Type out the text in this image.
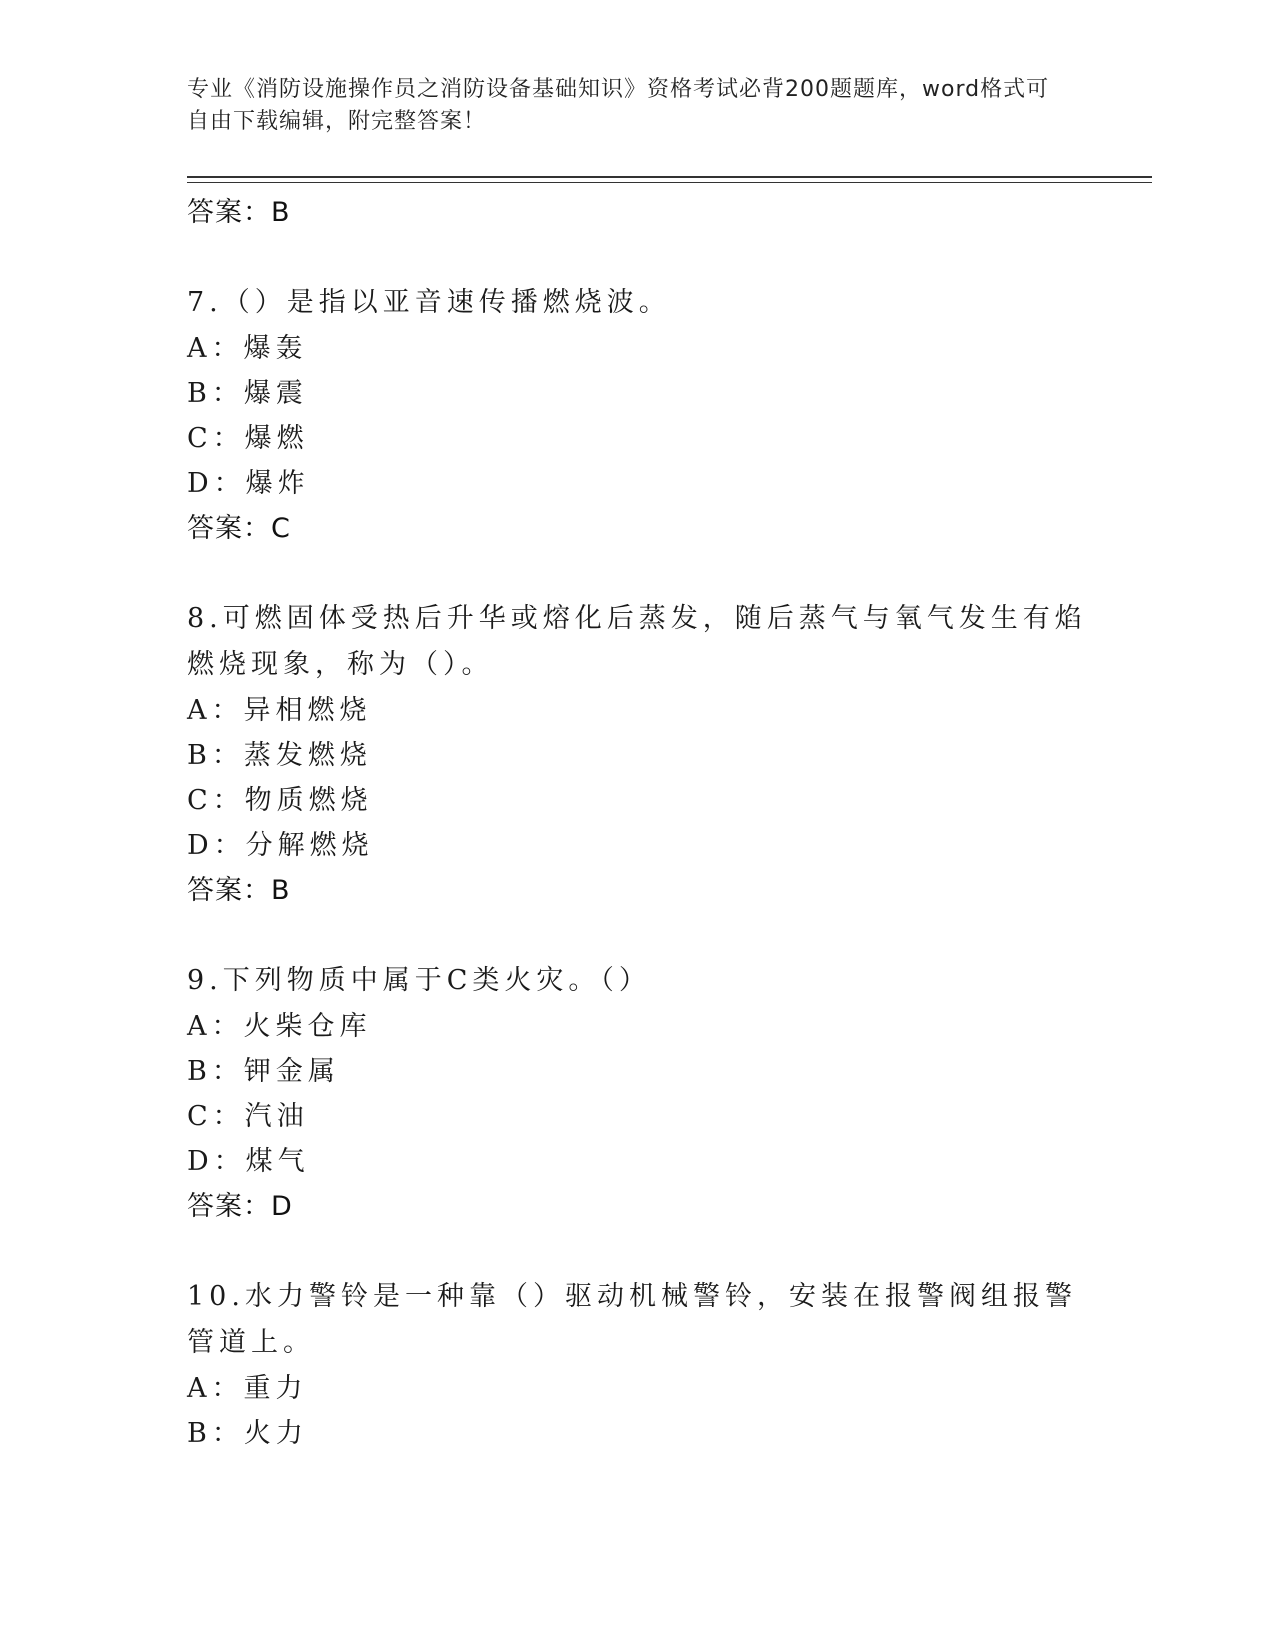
专业《消防设施操作员之消防设备基础知识》资格考试必背200题题库，word格式可自由下载编辑，附完整答案！
答案：B
7.（）是指以亚音速传播燃烧波。
A：爆轰
B：爆震
C：爆燃
D：爆炸
答案：C
8.可燃固体受热后升华或熔化后蒸发，随后蒸气与氧气发生有焰燃烧现象，称为（）。
A：异相燃烧
B：蒸发燃烧
C：物质燃烧
D：分解燃烧
答案：B
9.下列物质中属于C类火灾。（）
A：火柴仓库
B：钾金属
C：汽油
D：煤气
答案：D
10.水力警铃是一种靠（）驱动机械警铃，安装在报警阀组报警管道上。
A：重力
B：火力
